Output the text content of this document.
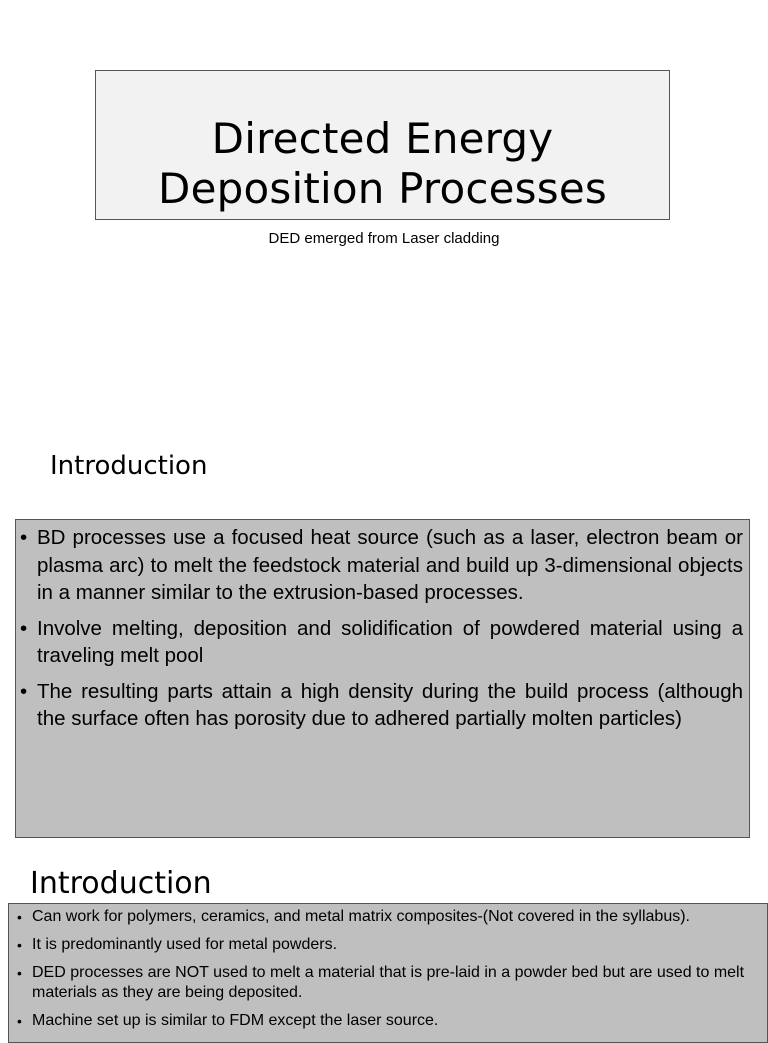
Directed Energy Deposition Processes
DED emerged from Laser cladding
Introduction
• BD processes use a focused heat source (such as a laser, electron beam or plasma arc) to melt the feedstock material and build up 3-dimensional objects in a manner similar to the extrusion-based processes.
• Involve melting, deposition and solidification of powdered material using a traveling melt pool
• The resulting parts attain a high density during the build process (although the surface often has porosity due to adhered partially molten particles)
Introduction
• Can work for polymers, ceramics, and metal matrix composites-(Not covered in the syllabus).
• It is predominantly used for metal powders.
• DED processes are NOT used to melt a material that is pre-laid in a powder bed but are used to melt materials as they are being deposited.
• Machine set up is similar to FDM except the laser source.
